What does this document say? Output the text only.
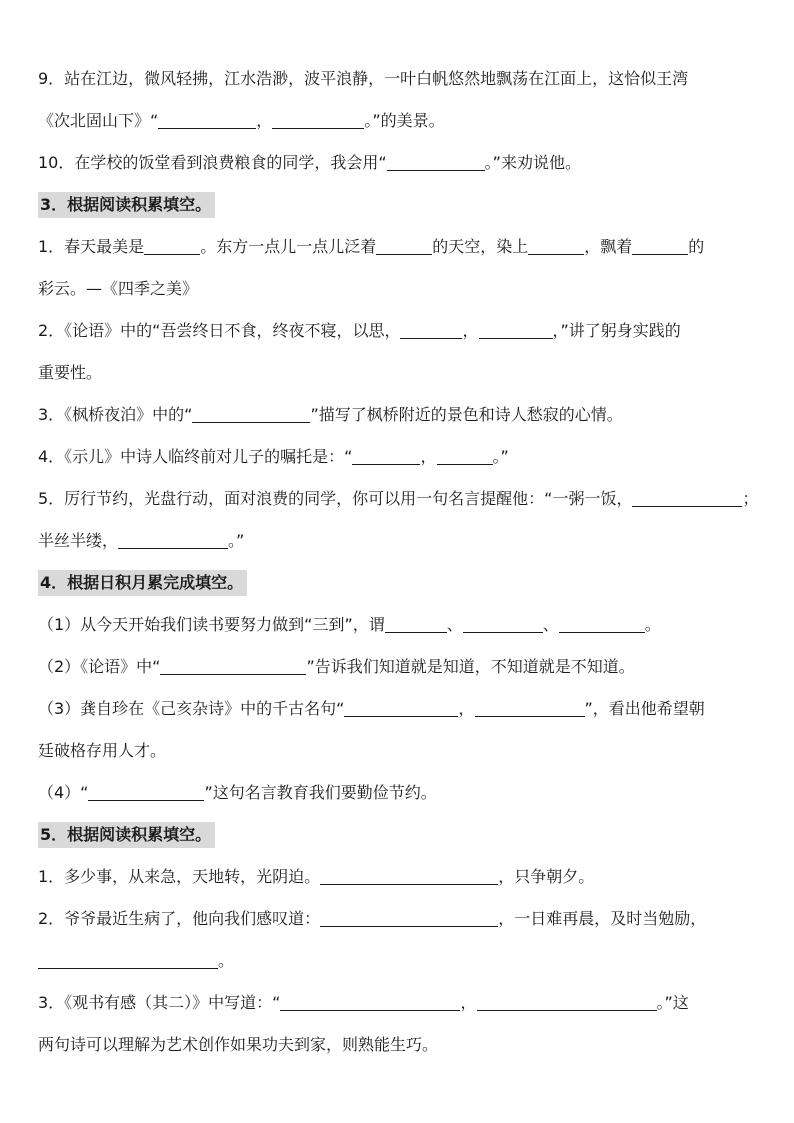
9．站在江边，微风轻拂，江水浩渺，波平浪静，一叶白帆悠然地飘荡在江面上，这恰似王湾
《次北固山下》“	，	。”的美景。
10．在学校的饭堂看到浪费粮食的同学，我会用“	。”来劝说他。
3．根据阅读积累填空。
1．春天最美是	。东方一点儿一点儿泛着	的天空，染上	，飘着	的
彩云。—《四季之美》
2．《论语》中的“吾尝终日不食，终夜不寝，以思，	，	，”讲了躬身实践的
重要性。
3．《枫桥夜泊》中的“	”描写了枫桥附近的景色和诗人愁寂的心情。
4．《示儿》中诗人临终前对儿子的嘱托是：“	，	。”
5．厉行节约，光盘行动，面对浪费的同学，你可以用一句名言提醒他：“一粥一饭，	；
半丝半缕，	。”
4．根据日积月累完成填空。
（1）从今天开始我们读书要努力做到“三到”，谓	、	、	。
（2）《论语》中“	”告诉我们知道就是知道，不知道就是不知道。
（3）龚自珍在《己亥杂诗》中的千古名句“	，	”，看出他希望朝
廷破格存用人才。
（4）“	”这句名言教育我们要勤俭节约。
5．根据阅读积累填空。
1．多少事，从来急，天地转，光阴迫。	，只争朝夕。
2．爷爷最近生病了，他向我们感叹道：	，一日难再晨，及时当勉励，
。
3．《观书有感（其二）》中写道：“	，	。”这
两句诗可以理解为艺术创作如果功夫到家，则熟能生巧。
